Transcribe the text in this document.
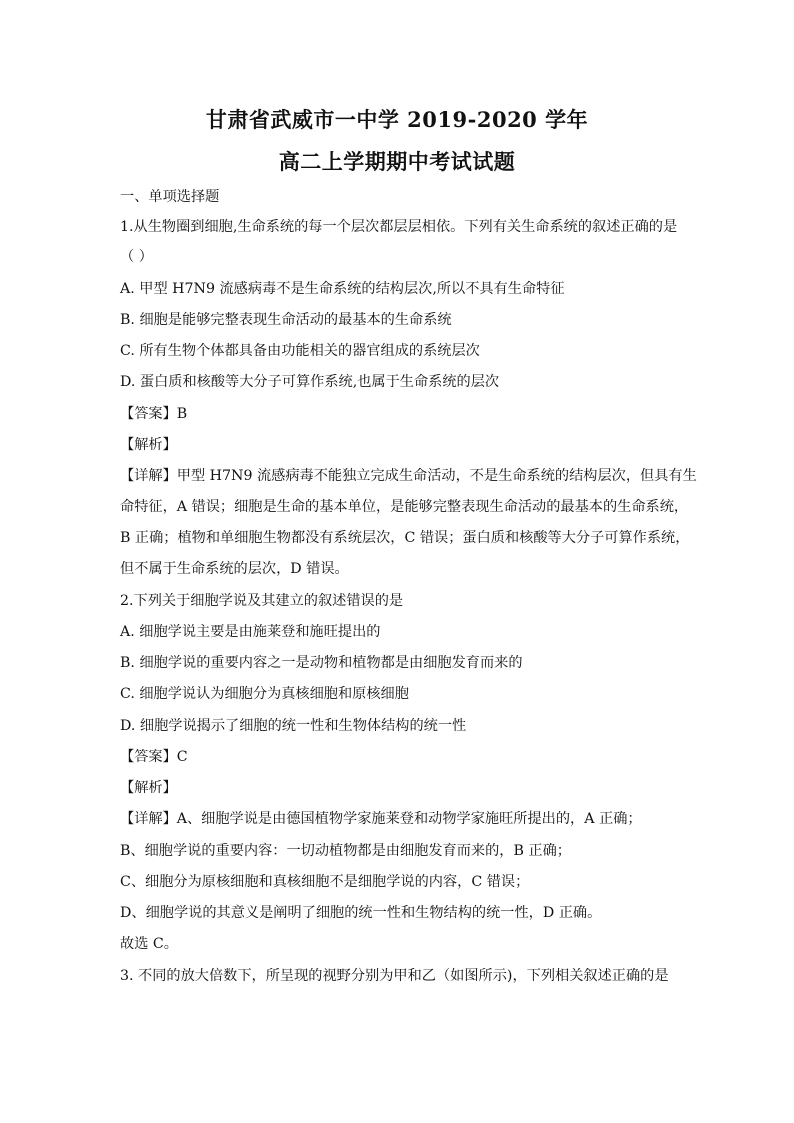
甘肃省武威市一中学 2019-2020 学年
高二上学期期中考试试题
一、单项选择题
1.从生物圈到细胞,生命系统的每一个层次都层层相依。下列有关生命系统的叙述正确的是
（ ）
A. 甲型 H7N9 流感病毒不是生命系统的结构层次,所以不具有生命特征
B. 细胞是能够完整表现生命活动的最基本的生命系统
C. 所有生物个体都具备由功能相关的器官组成的系统层次
D. 蛋白质和核酸等大分子可算作系统,也属于生命系统的层次
【答案】B
【解析】
【详解】甲型 H7N9 流感病毒不能独立完成生命活动，不是生命系统的结构层次，但具有生
命特征，A 错误；细胞是生命的基本单位，是能够完整表现生命活动的最基本的生命系统，
B 正确；植物和单细胞生物都没有系统层次，C 错误；蛋白质和核酸等大分子可算作系统，
但不属于生命系统的层次，D 错误。
2.下列关于细胞学说及其建立的叙述错误的是
A. 细胞学说主要是由施莱登和施旺提出的
B. 细胞学说的重要内容之一是动物和植物都是由细胞发育而来的
C. 细胞学说认为细胞分为真核细胞和原核细胞
D. 细胞学说揭示了细胞的统一性和生物体结构的统一性
【答案】C
【解析】
【详解】A、细胞学说是由德国植物学家施莱登和动物学家施旺所提出的，A 正确；
B、细胞学说的重要内容：一切动植物都是由细胞发育而来的，B 正确；
C、细胞分为原核细胞和真核细胞不是细胞学说的内容，C 错误；
D、细胞学说的其意义是阐明了细胞的统一性和生物结构的统一性，D 正确。
故选 C。
3. 不同的放大倍数下，所呈现的视野分别为甲和乙（如图所示)，下列相关叙述正确的是
